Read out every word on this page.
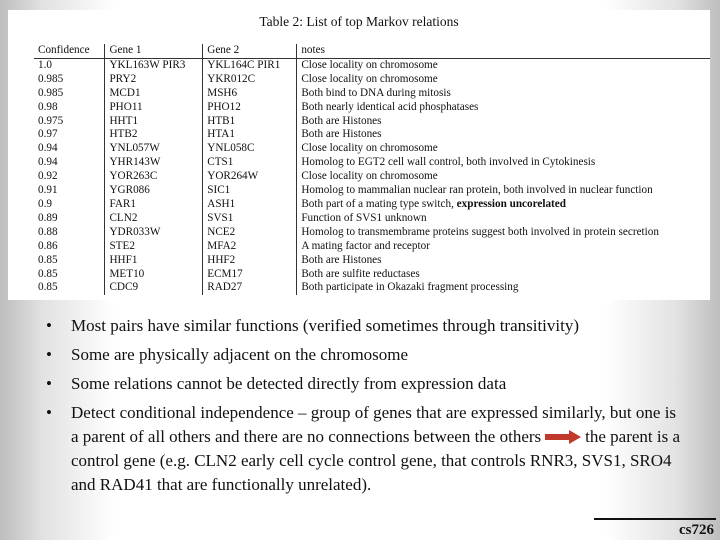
Table 2: List of top Markov relations
Confidence	Gene 1	Gene 2	notes
1.0	YKL163W PIR3	YKL164C PIR1	Close locality on chromosome
0.985	PRY2	YKR012C	Close locality on chromosome
0.985	MCD1	MSH6	Both bind to DNA during mitosis
0.98	PHO11	PHO12	Both nearly identical acid phosphatases
0.975	HHT1	HTB1	Both are Histones
0.97	HTB2	HTA1	Both are Histones
0.94	YNL057W	YNL058C	Close locality on chromosome
0.94	YHR143W	CTS1	Homolog to EGT2 cell wall control, both involved in Cytokinesis
0.92	YOR263C	YOR264W	Close locality on chromosome
0.91	YGR086	SIC1	Homolog to mammalian nuclear ran protein, both involved in nuclear function
0.9	FAR1	ASH1	Both part of a mating type switch, expression uncorelated
0.89	CLN2	SVS1	Function of SVS1 unknown
0.88	YDR033W	NCE2	Homolog to transmembrame proteins suggest both involved in protein secretion
0.86	STE2	MFA2	A mating factor and receptor
0.85	HHF1	HHF2	Both are Histones
0.85	MET10	ECM17	Both are sulfite reductases
0.85	CDC9	RAD27	Both participate in Okazaki fragment processing
• Most pairs have similar functions (verified sometimes through transitivity)
• Some are physically adjacent on the chromosome
• Some relations cannot be detected directly from expression data
• Detect conditional independence – group of genes that are expressed similarly, but one is a parent of all others and there are no connections between the others	the parent is a control gene (e.g. CLN2 early cell cycle control gene, that controls RNR3, SVS1, SRO4 and RAD41 that are functionally unrelated).
cs726
